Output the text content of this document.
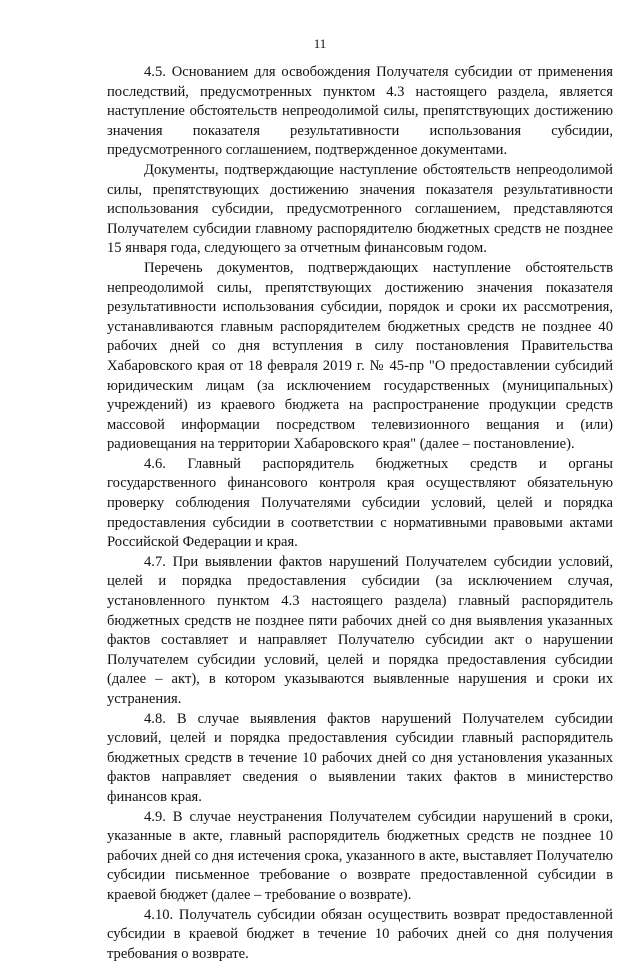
11

4.5. Основанием для освобождения Получателя субсидии от применения последствий, предусмотренных пунктом 4.3 настоящего раздела, является наступление обстоятельств непреодолимой силы, препятствующих достижению значения показателя результативности использования субсидии, предусмотренного соглашением, подтвержденное документами.

Документы, подтверждающие наступление обстоятельств непреодолимой силы, препятствующих достижению значения показателя результативности использования субсидии, предусмотренного соглашением, представляются Получателем субсидии главному распорядителю бюджетных средств не позднее 15 января года, следующего за отчетным финансовым годом.

Перечень документов, подтверждающих наступление обстоятельств непреодолимой силы, препятствующих достижению значения показателя результативности использования субсидии, порядок и сроки их рассмотрения, устанавливаются главным распорядителем бюджетных средств не позднее 40 рабочих дней со дня вступления в силу постановления Правительства Хабаровского края от 18 февраля 2019 г. № 45-пр "О предоставлении субсидий юридическим лицам (за исключением государственных (муниципальных) учреждений) из краевого бюджета на распространение продукции средств массовой информации посредством телевизионного вещания и (или) радиовещания на территории Хабаровского края" (далее – постановление).

4.6. Главный распорядитель бюджетных средств и органы государственного финансового контроля края осуществляют обязательную проверку соблюдения Получателями субсидии условий, целей и порядка предоставления субсидии в соответствии с нормативными правовыми актами Российской Федерации и края.

4.7. При выявлении фактов нарушений Получателем субсидии условий, целей и порядка предоставления субсидии (за исключением случая, установленного пунктом 4.3 настоящего раздела) главный распорядитель бюджетных средств не позднее пяти рабочих дней со дня выявления указанных фактов составляет и направляет Получателю субсидии акт о нарушении Получателем субсидии условий, целей и порядка предоставления субсидии (далее – акт), в котором указываются выявленные нарушения и сроки их устранения.

4.8. В случае выявления фактов нарушений Получателем субсидии условий, целей и порядка предоставления субсидии главный распорядитель бюджетных средств в течение 10 рабочих дней со дня установления указанных фактов направляет сведения о выявлении таких фактов в министерство финансов края.

4.9. В случае неустранения Получателем субсидии нарушений в сроки, указанные в акте, главный распорядитель бюджетных средств не позднее 10 рабочих дней со дня истечения срока, указанного в акте, выставляет Получателю субсидии письменное требование о возврате предоставленной субсидии в краевой бюджет (далее – требование о возврате).

4.10. Получатель субсидии обязан осуществить возврат предоставленной субсидии в краевой бюджет в течение 10 рабочих дней со дня получения требования о возврате.
